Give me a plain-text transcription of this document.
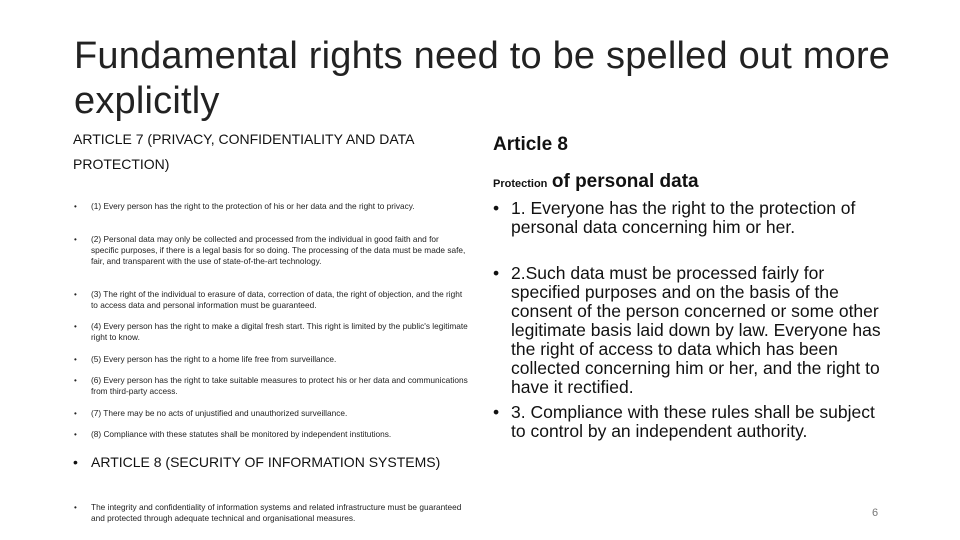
Fundamental rights need to be spelled out more explicitly
ARTICLE 7 (PRIVACY, CONFIDENTIALITY AND DATA
PROTECTION)
• (1) Every person has the right to the protection of his or her data and the right to privacy.
• (2) Personal data may only be collected and processed from the individual in good faith and for specific purposes, if there is a legal basis for so doing. The processing of the data must be made safe, fair, and transparent with the use of state-of-the-art technology.
• (3) The right of the individual to erasure of data, correction of data, the right of objection, and the right to access data and personal information must be guaranteed.
• (4) Every person has the right to make a digital fresh start. This right is limited by the public's legitimate right to know.
• (5) Every person has the right to a home life free from surveillance.
• (6) Every person has the right to take suitable measures to protect his or her data and communications from third-party access.
• (7) There may be no acts of unjustified and unauthorized surveillance.
• (8) Compliance with these statutes shall be monitored by independent institutions.
• ARTICLE 8 (SECURITY OF INFORMATION SYSTEMS)
• The integrity and confidentiality of information systems and related infrastructure must be guaranteed and protected through adequate technical and organisational measures.
Article 8
Protection of personal data
• 1. Everyone has the right to the protection of personal data concerning him or her.
• 2.Such data must be processed fairly for specified purposes and on the basis of the consent of the person concerned or some other legitimate basis laid down by law. Everyone has the right of access to data which has been collected concerning him or her, and the right to have it rectified.
• 3. Compliance with these rules shall be subject to control by an independent authority.
6
